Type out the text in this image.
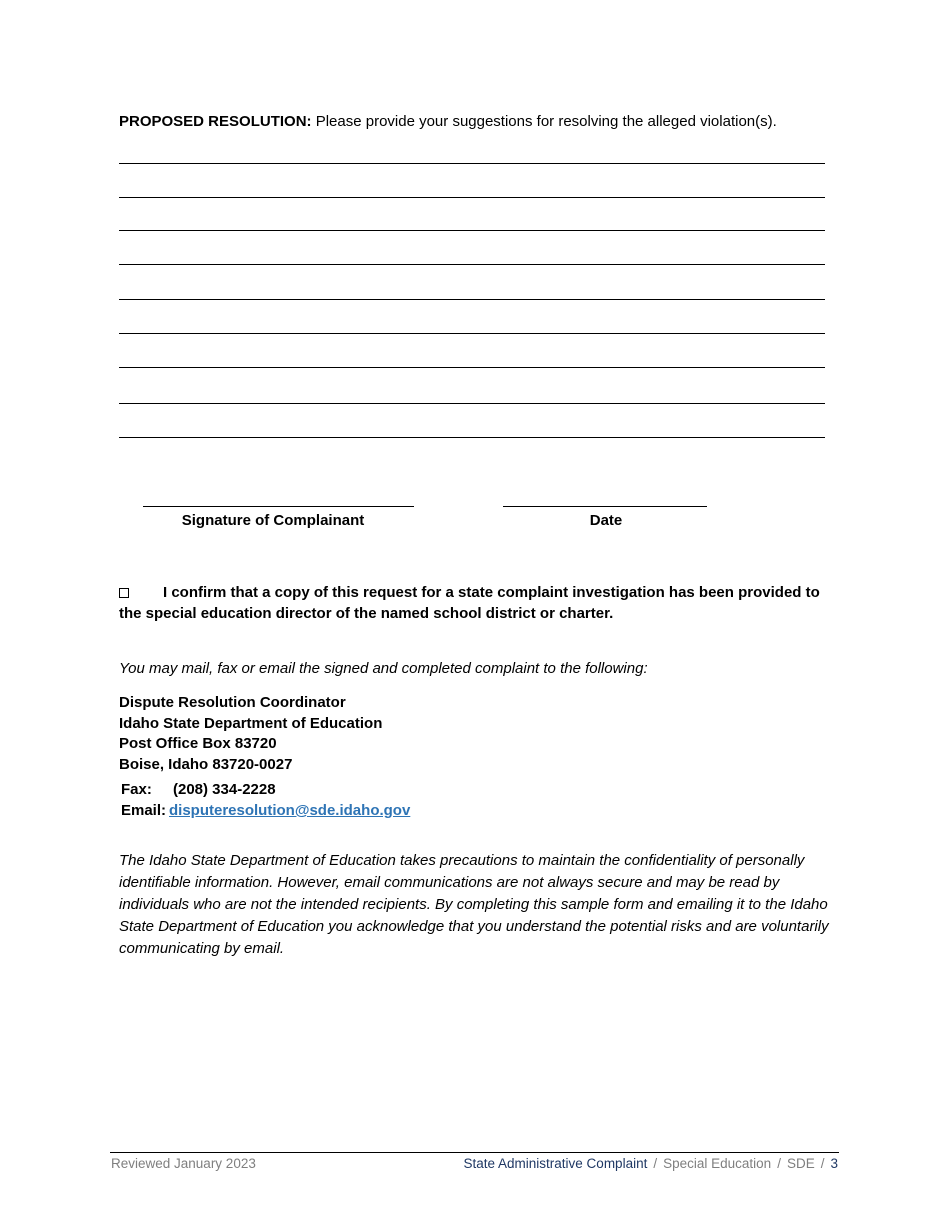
PROPOSED RESOLUTION: Please provide your suggestions for resolving the alleged violation(s).
Signature of Complainant	Date
I confirm that a copy of this request for a state complaint investigation has been provided to the special education director of the named school district or charter.
You may mail, fax or email the signed and completed complaint to the following:
Dispute Resolution Coordinator
Idaho State Department of Education
Post Office Box 83720
Boise, Idaho 83720-0027
Fax: (208) 334-2228
Email: disputeresolution@sde.idaho.gov
The Idaho State Department of Education takes precautions to maintain the confidentiality of personally identifiable information. However, email communications are not always secure and may be read by individuals who are not the intended recipients. By completing this sample form and emailing it to the Idaho State Department of Education you acknowledge that you understand the potential risks and are voluntarily communicating by email.
Reviewed January 2023	State Administrative Complaint / Special Education / SDE / 3
